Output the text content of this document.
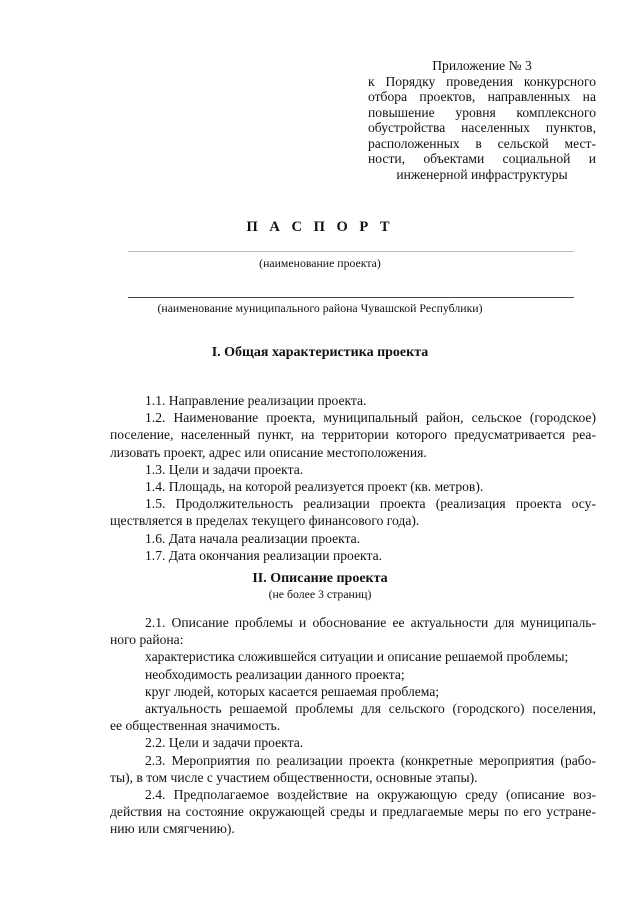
Приложение № 3
к Порядку проведения конкурсного
отбора проектов, направленных на
повышение уровня комплексного
обустройства населенных пунктов,
расположенных в сельской мест-
ности, объектами социальной и
инженерной инфраструктуры
П А С П О Р Т
(наименование проекта)
(наименование муниципального района Чувашской Республики)
I. Общая характеристика проекта
1.1. Направление реализации проекта.
1.2. Наименование проекта, муниципальный район, сельское (городское)
поселение, населенный пункт, на территории которого предусматривается реа-
лизовать проект, адрес или описание местоположения.
1.3. Цели и задачи проекта.
1.4. Площадь, на которой реализуется проект (кв. метров).
1.5. Продолжительность реализации проекта (реализация проекта осу-
ществляется в пределах текущего финансового года).
1.6. Дата начала реализации проекта.
1.7. Дата окончания реализации проекта.
II. Описание проекта
(не более 3 страниц)
2.1. Описание проблемы и обоснование ее актуальности для муниципаль-
ного района:
характеристика сложившейся ситуации и описание решаемой проблемы;
необходимость реализации данного проекта;
круг людей, которых касается решаемая проблема;
актуальность решаемой проблемы для сельского (городского) поселения,
ее общественная значимость.
2.2. Цели и задачи проекта.
2.3. Мероприятия по реализации проекта (конкретные мероприятия (рабо-
ты), в том числе с участием общественности, основные этапы).
2.4. Предполагаемое воздействие на окружающую среду (описание воз-
действия на состояние окружающей среды и предлагаемые меры по его устране-
нию или смягчению).
